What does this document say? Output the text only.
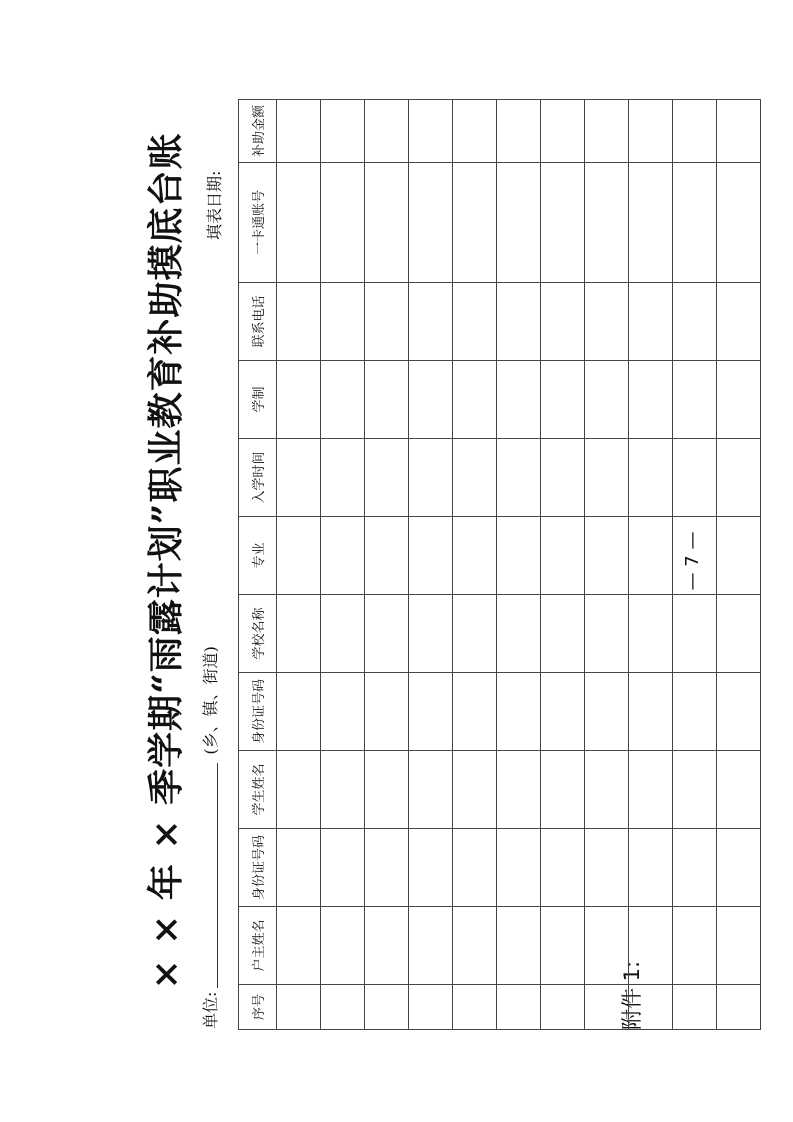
附件 1:
× × 年 × 季学期“雨露计划”职业教育补助摸底台账
单位:(乡、镇、街道)
填表日期:
序号	户主姓名	身份证号码	学生姓名	身份证号码	学校名称	专业	入学时间	学制	联系电话	一卡通账号	补助金额

— 7 —
